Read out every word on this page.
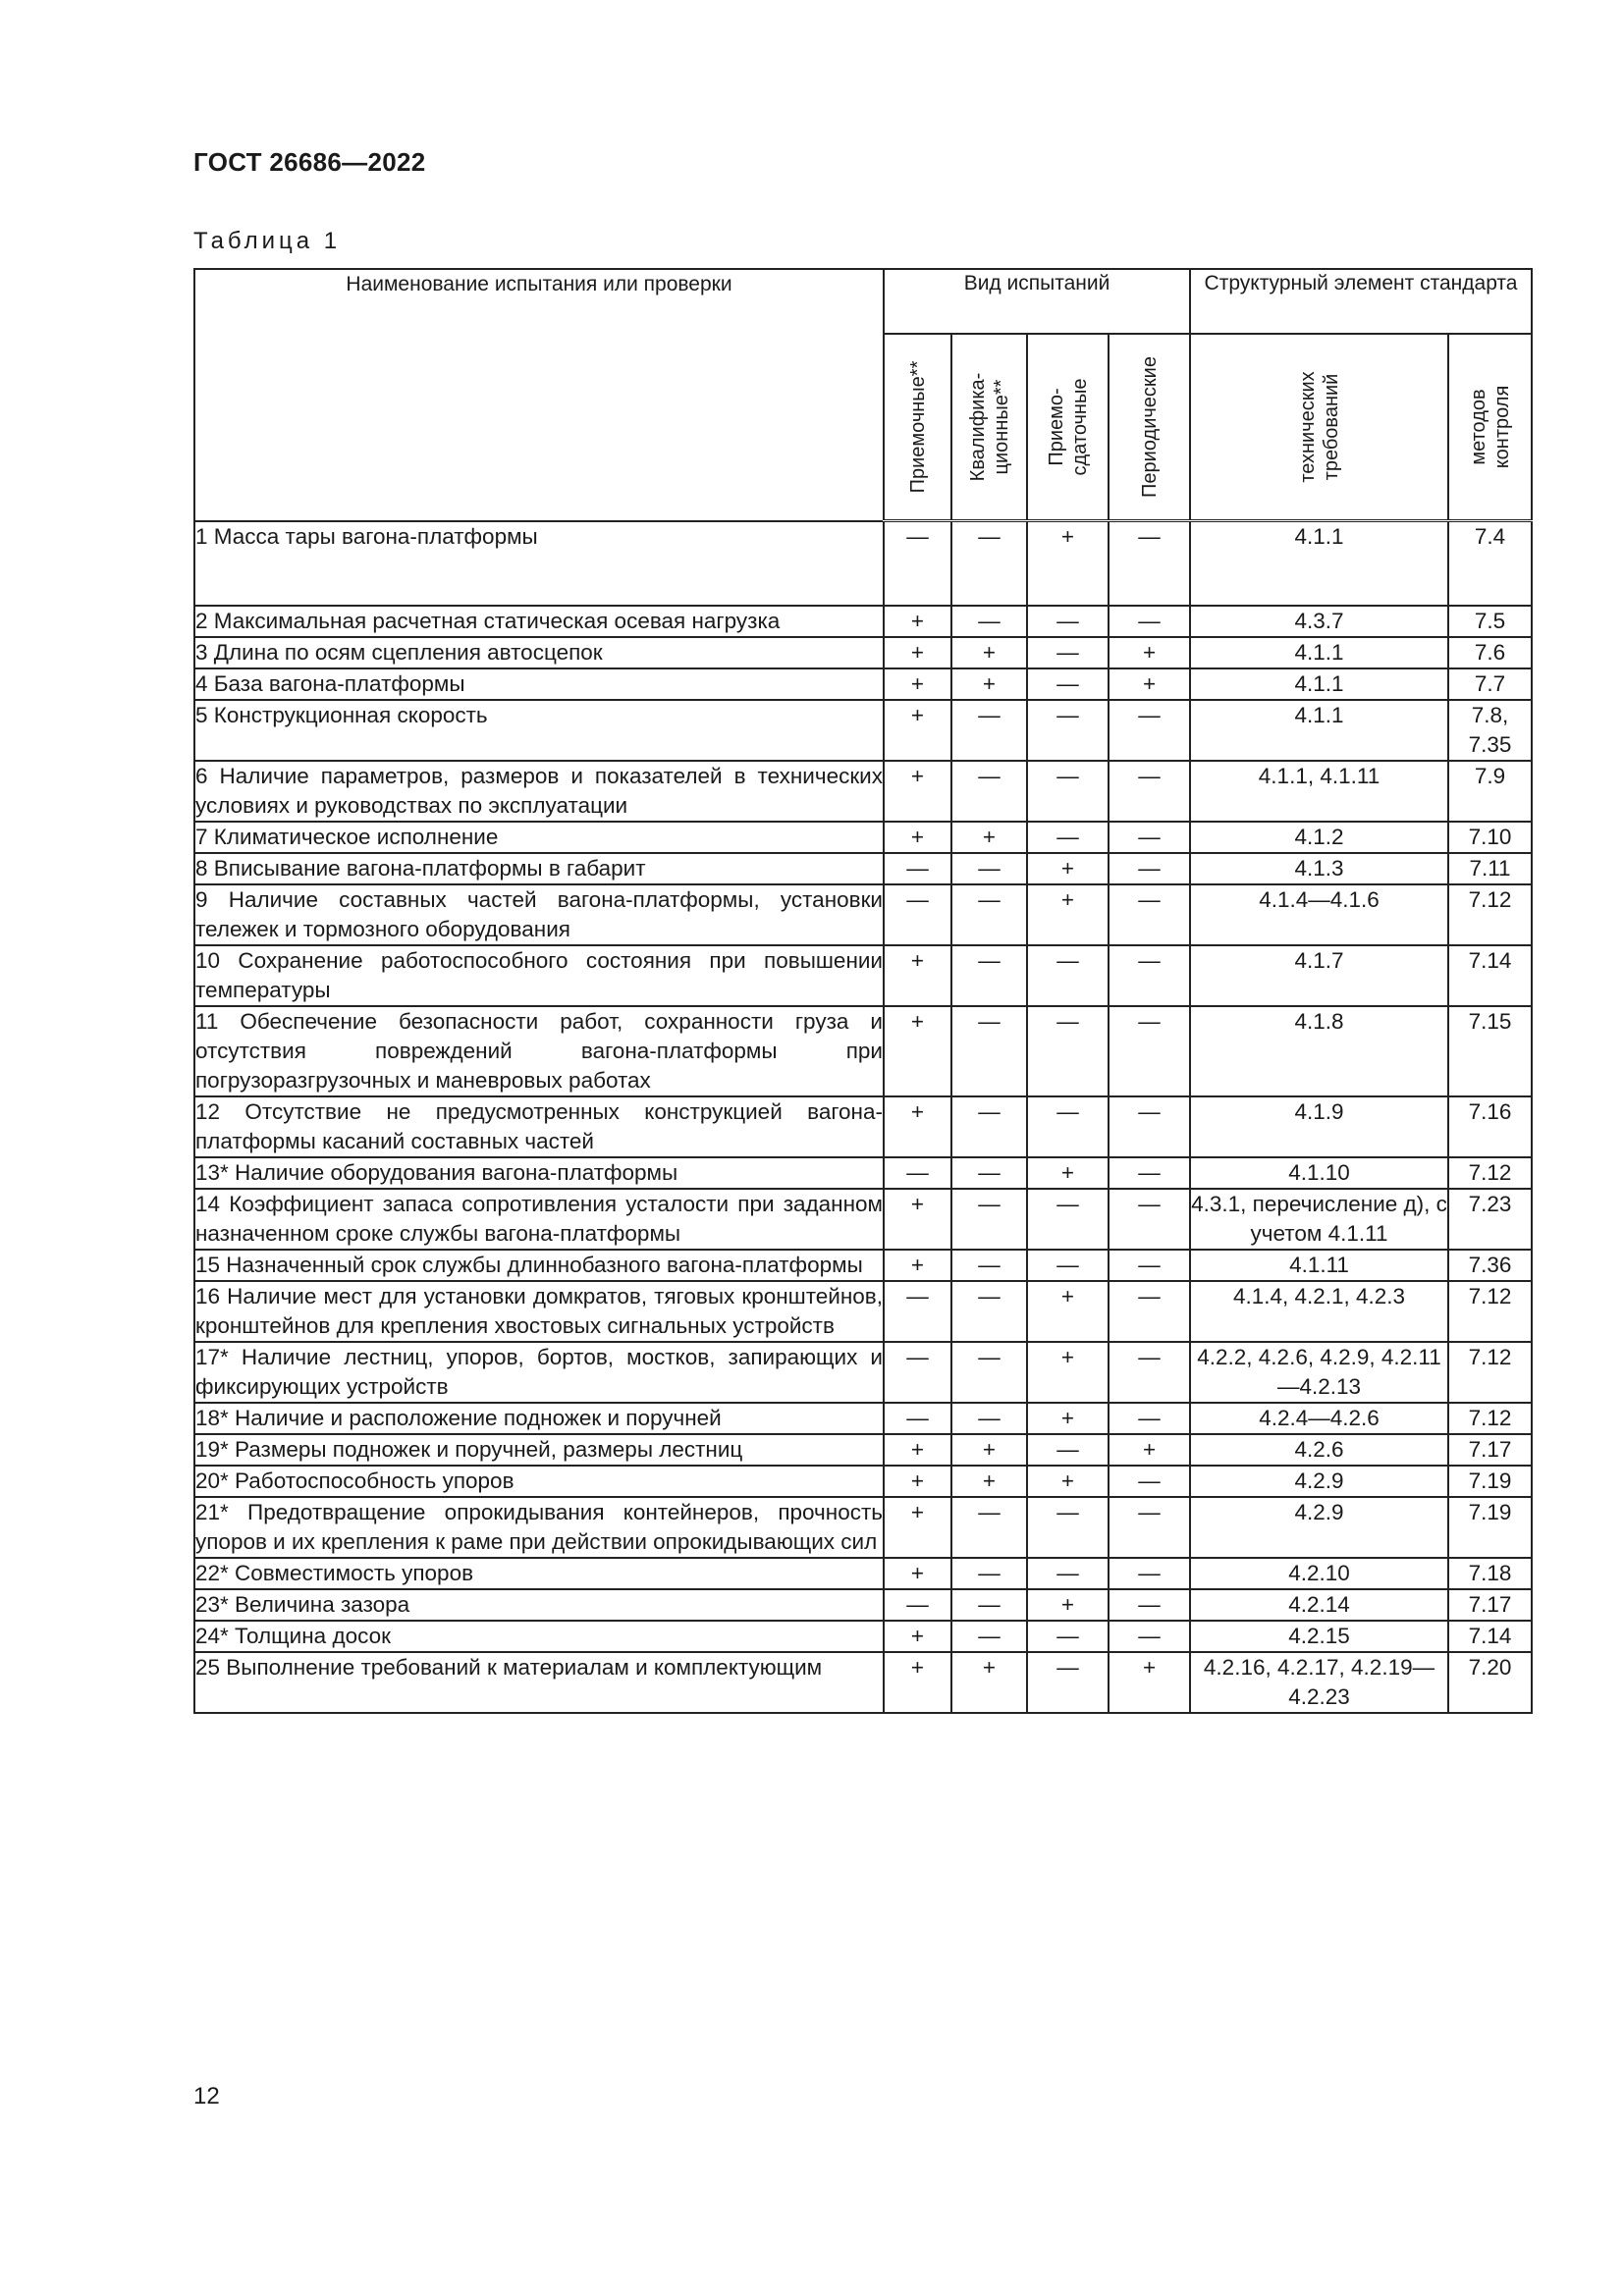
ГОСТ 26686—2022
Таблица 1
Наименование испытания или проверки	Вид испытаний				Структурный элемент стандарта	

	Приемочные**	Квалифика- ционные**	Приемо- сдаточные	Периодические	технических требований	методов контроля

1 Масса тары вагона-платформы	—	—	+	—	4.1.1	7.4
2 Максимальная расчетная статическая осевая нагрузка	+	—	—	—	4.3.7	7.5
3 Длина по осям сцепления автосцепок	+	+	—	+	4.1.1	7.6
4 База вагона-платформы	+	+	—	+	4.1.1	7.7
5 Конструкционная скорость	+	—	—	—	4.1.1	7.8, 7.35
6 Наличие параметров, размеров и показателей в технических условиях и руководствах по эксплуатации	+	—	—	—	4.1.1, 4.1.11	7.9
7 Климатическое исполнение	+	+	—	—	4.1.2	7.10
8 Вписывание вагона-платформы в габарит	—	—	+	—	4.1.3	7.11
9 Наличие составных частей вагона-платформы, установки тележек и тормозного оборудования	—	—	+	—	4.1.4—4.1.6	7.12
10 Сохранение работоспособного состояния при повышении температуры	+	—	—	—	4.1.7	7.14
11 Обеспечение безопасности работ, сохранности груза и отсутствия повреждений вагона-платформы при погрузоразгрузочных и маневровых работах	+	—	—	—	4.1.8	7.15
12 Отсутствие не предусмотренных конструкцией вагона-платформы касаний составных частей	+	—	—	—	4.1.9	7.16
13* Наличие оборудования вагона-платформы	—	—	+	—	4.1.10	7.12
14 Коэффициент запаса сопротивления усталости при заданном назначенном сроке службы вагона-платформы	+	—	—	—	4.3.1, перечисление д), с учетом 4.1.11	7.23
15 Назначенный срок службы длиннобазного вагона-платформы	+	—	—	—	4.1.11	7.36
16 Наличие мест для установки домкратов, тяговых кронштейнов, кронштейнов для крепления хвостовых сигнальных устройств	—	—	+	—	4.1.4, 4.2.1, 4.2.3	7.12
17* Наличие лестниц, упоров, бортов, мостков, запирающих и фиксирующих устройств	—	—	+	—	4.2.2, 4.2.6, 4.2.9, 4.2.11—4.2.13	7.12
18* Наличие и расположение подножек и поручней	—	—	+	—	4.2.4—4.2.6	7.12
19* Размеры подножек и поручней, размеры лестниц	+	+	—	+	4.2.6	7.17
20* Работоспособность упоров	+	+	+	—	4.2.9	7.19
21* Предотвращение опрокидывания контейнеров, прочность упоров и их крепления к раме при действии опрокидывающих сил	+	—	—	—	4.2.9	7.19
22* Совместимость упоров	+	—	—	—	4.2.10	7.18
23* Величина зазора	—	—	+	—	4.2.14	7.17
24* Толщина досок	+	—	—	—	4.2.15	7.14
25 Выполнение требований к материалам и комплектующим	+	+	—	+	4.2.16, 4.2.17, 4.2.19—4.2.23	7.20
12
